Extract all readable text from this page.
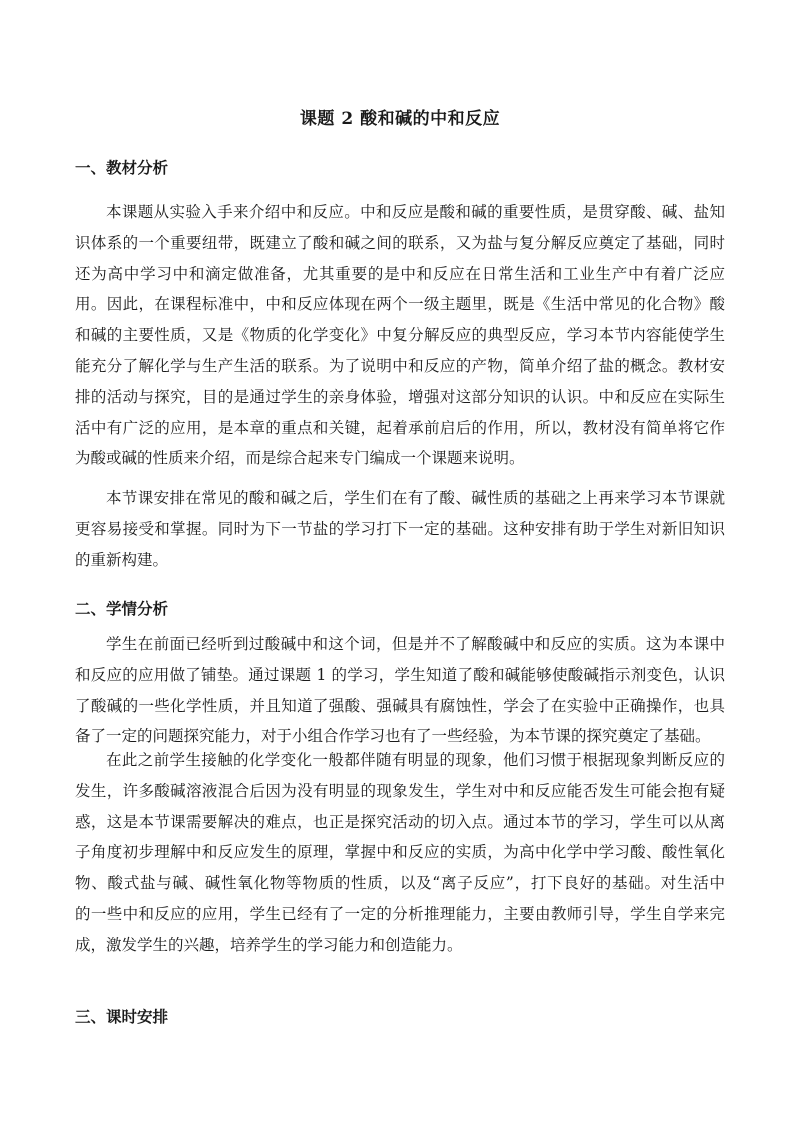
课题 2 酸和碱的中和反应
一、教材分析
本课题从实验入手来介绍中和反应。中和反应是酸和碱的重要性质，是贯穿酸、碱、盐知
识体系的一个重要纽带，既建立了酸和碱之间的联系，又为盐与复分解反应奠定了基础，同时
还为高中学习中和滴定做准备，尤其重要的是中和反应在日常生活和工业生产中有着广泛应
用。因此，在课程标准中，中和反应体现在两个一级主题里，既是《生活中常见的化合物》酸
和碱的主要性质，又是《物质的化学变化》中复分解反应的典型反应，学习本节内容能使学生
能充分了解化学与生产生活的联系。为了说明中和反应的产物，简单介绍了盐的概念。教材安
排的活动与探究，目的是通过学生的亲身体验，增强对这部分知识的认识。中和反应在实际生
活中有广泛的应用，是本章的重点和关键，起着承前启后的作用，所以，教材没有简单将它作
为酸或碱的性质来介绍，而是综合起来专门编成一个课题来说明。
本节课安排在常见的酸和碱之后，学生们在有了酸、碱性质的基础之上再来学习本节课就
更容易接受和掌握。同时为下一节盐的学习打下一定的基础。这种安排有助于学生对新旧知识
的重新构建。
二、学情分析
学生在前面已经听到过酸碱中和这个词，但是并不了解酸碱中和反应的实质。这为本课中
和反应的应用做了铺垫。通过课题 1 的学习，学生知道了酸和碱能够使酸碱指示剂变色，认识
了酸碱的一些化学性质，并且知道了强酸、强碱具有腐蚀性，学会了在实验中正确操作，也具
备了一定的问题探究能力，对于小组合作学习也有了一些经验，为本节课的探究奠定了基础。
在此之前学生接触的化学变化一般都伴随有明显的现象，他们习惯于根据现象判断反应的
发生，许多酸碱溶液混合后因为没有明显的现象发生，学生对中和反应能否发生可能会抱有疑
惑，这是本节课需要解决的难点，也正是探究活动的切入点。通过本节的学习，学生可以从离
子角度初步理解中和反应发生的原理，掌握中和反应的实质，为高中化学中学习酸、酸性氧化
物、酸式盐与碱、碱性氧化物等物质的性质，以及“离子反应”，打下良好的基础。对生活中
的一些中和反应的应用，学生已经有了一定的分析推理能力，主要由教师引导，学生自学来完
成，激发学生的兴趣，培养学生的学习能力和创造能力。
三、课时安排
